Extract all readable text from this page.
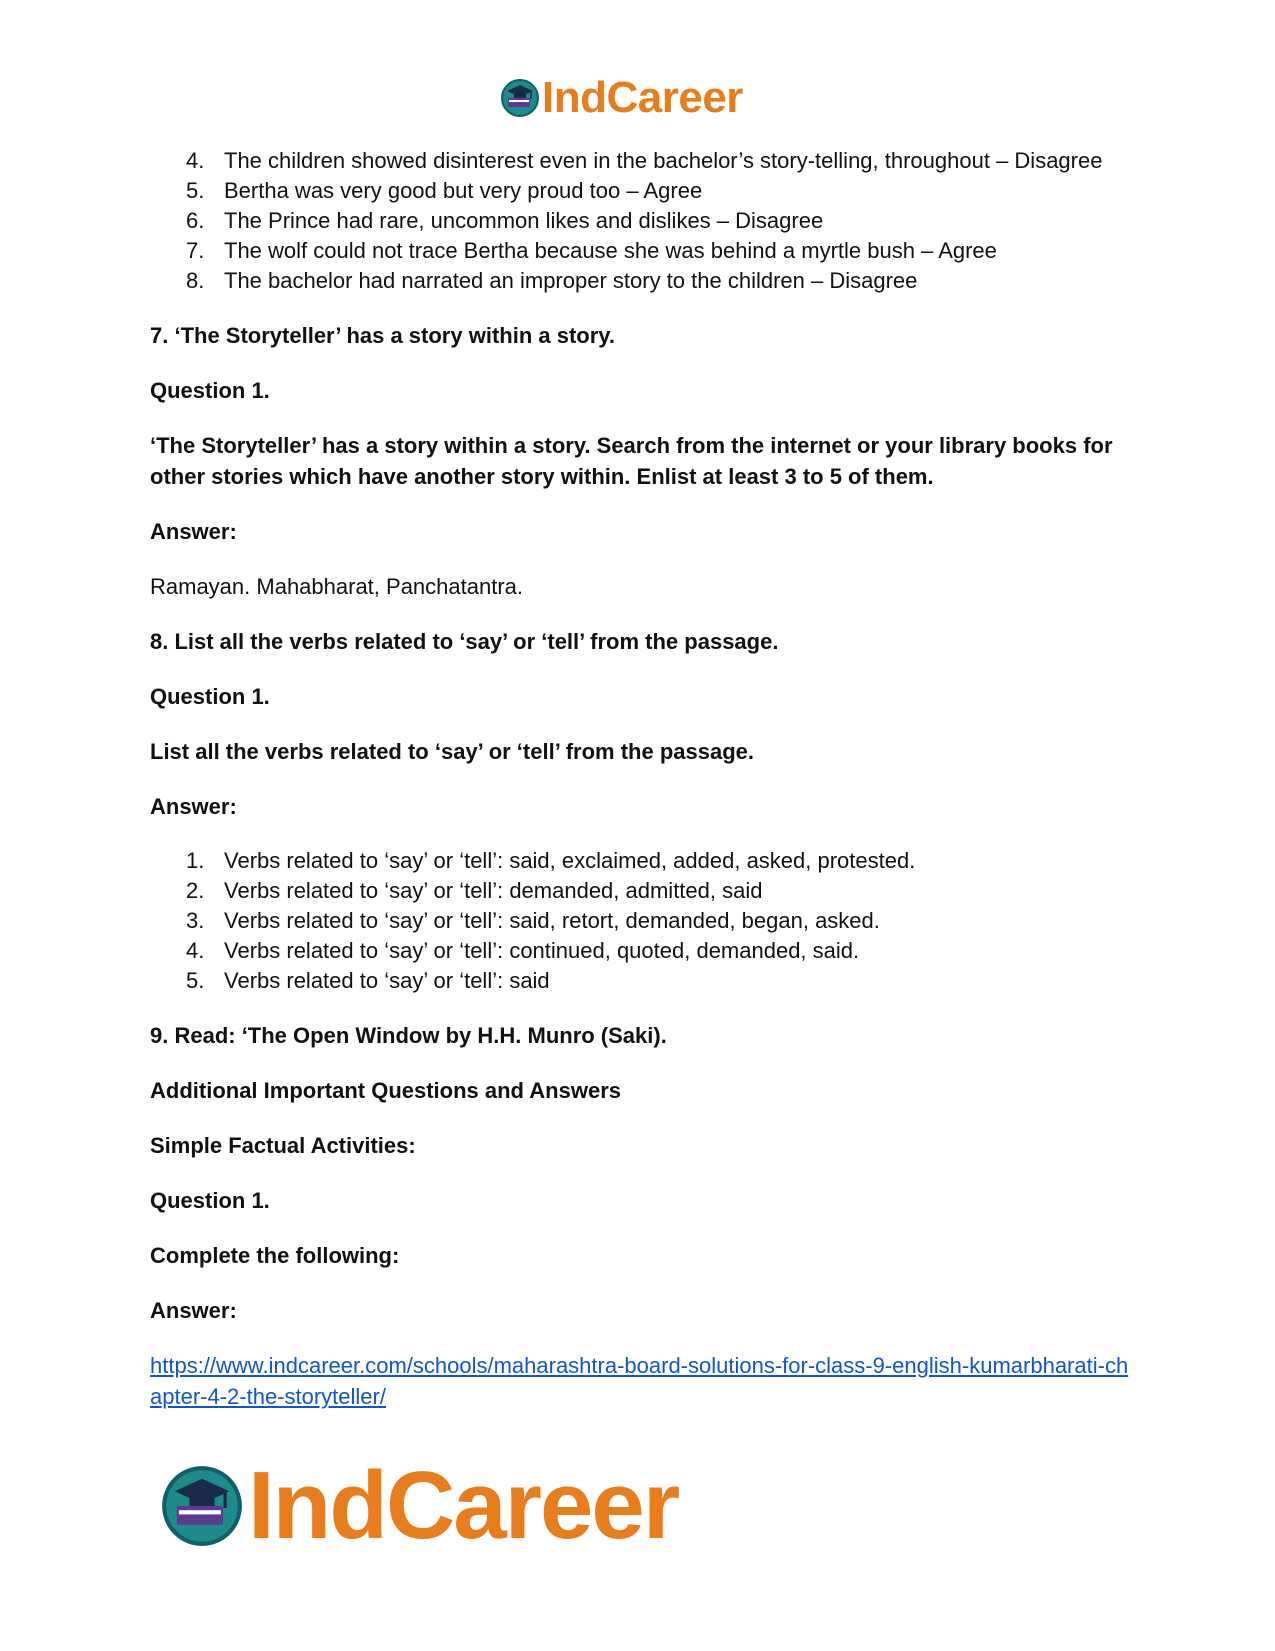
IndCareer
4. The children showed disinterest even in the bachelor’s story-telling, throughout – Disagree
5. Bertha was very good but very proud too – Agree
6. The Prince had rare, uncommon likes and dislikes – Disagree
7. The wolf could not trace Bertha because she was behind a myrtle bush – Agree
8. The bachelor had narrated an improper story to the children – Disagree

7. ‘The Storyteller’ has a story within a story.

Question 1.

‘The Storyteller’ has a story within a story. Search from the internet or your library books for other stories which have another story within. Enlist at least 3 to 5 of them.

Answer:

Ramayan. Mahabharat, Panchatantra.

8. List all the verbs related to ‘say’ or ‘tell’ from the passage.

Question 1.

List all the verbs related to ‘say’ or ‘tell’ from the passage.

Answer:

1. Verbs related to ‘say’ or ‘tell’: said, exclaimed, added, asked, protested.
2. Verbs related to ‘say’ or ‘tell’: demanded, admitted, said
3. Verbs related to ‘say’ or ‘tell’: said, retort, demanded, began, asked.
4. Verbs related to ‘say’ or ‘tell’: continued, quoted, demanded, said.
5. Verbs related to ‘say’ or ‘tell’: said

9. Read: ‘The Open Window by H.H. Munro (Saki).

Additional Important Questions and Answers

Simple Factual Activities:

Question 1.

Complete the following:

Answer:

https://www.indcareer.com/schools/maharashtra-board-solutions-for-class-9-english-kumarbharati-chapter-4-2-the-storyteller/

IndCareer
